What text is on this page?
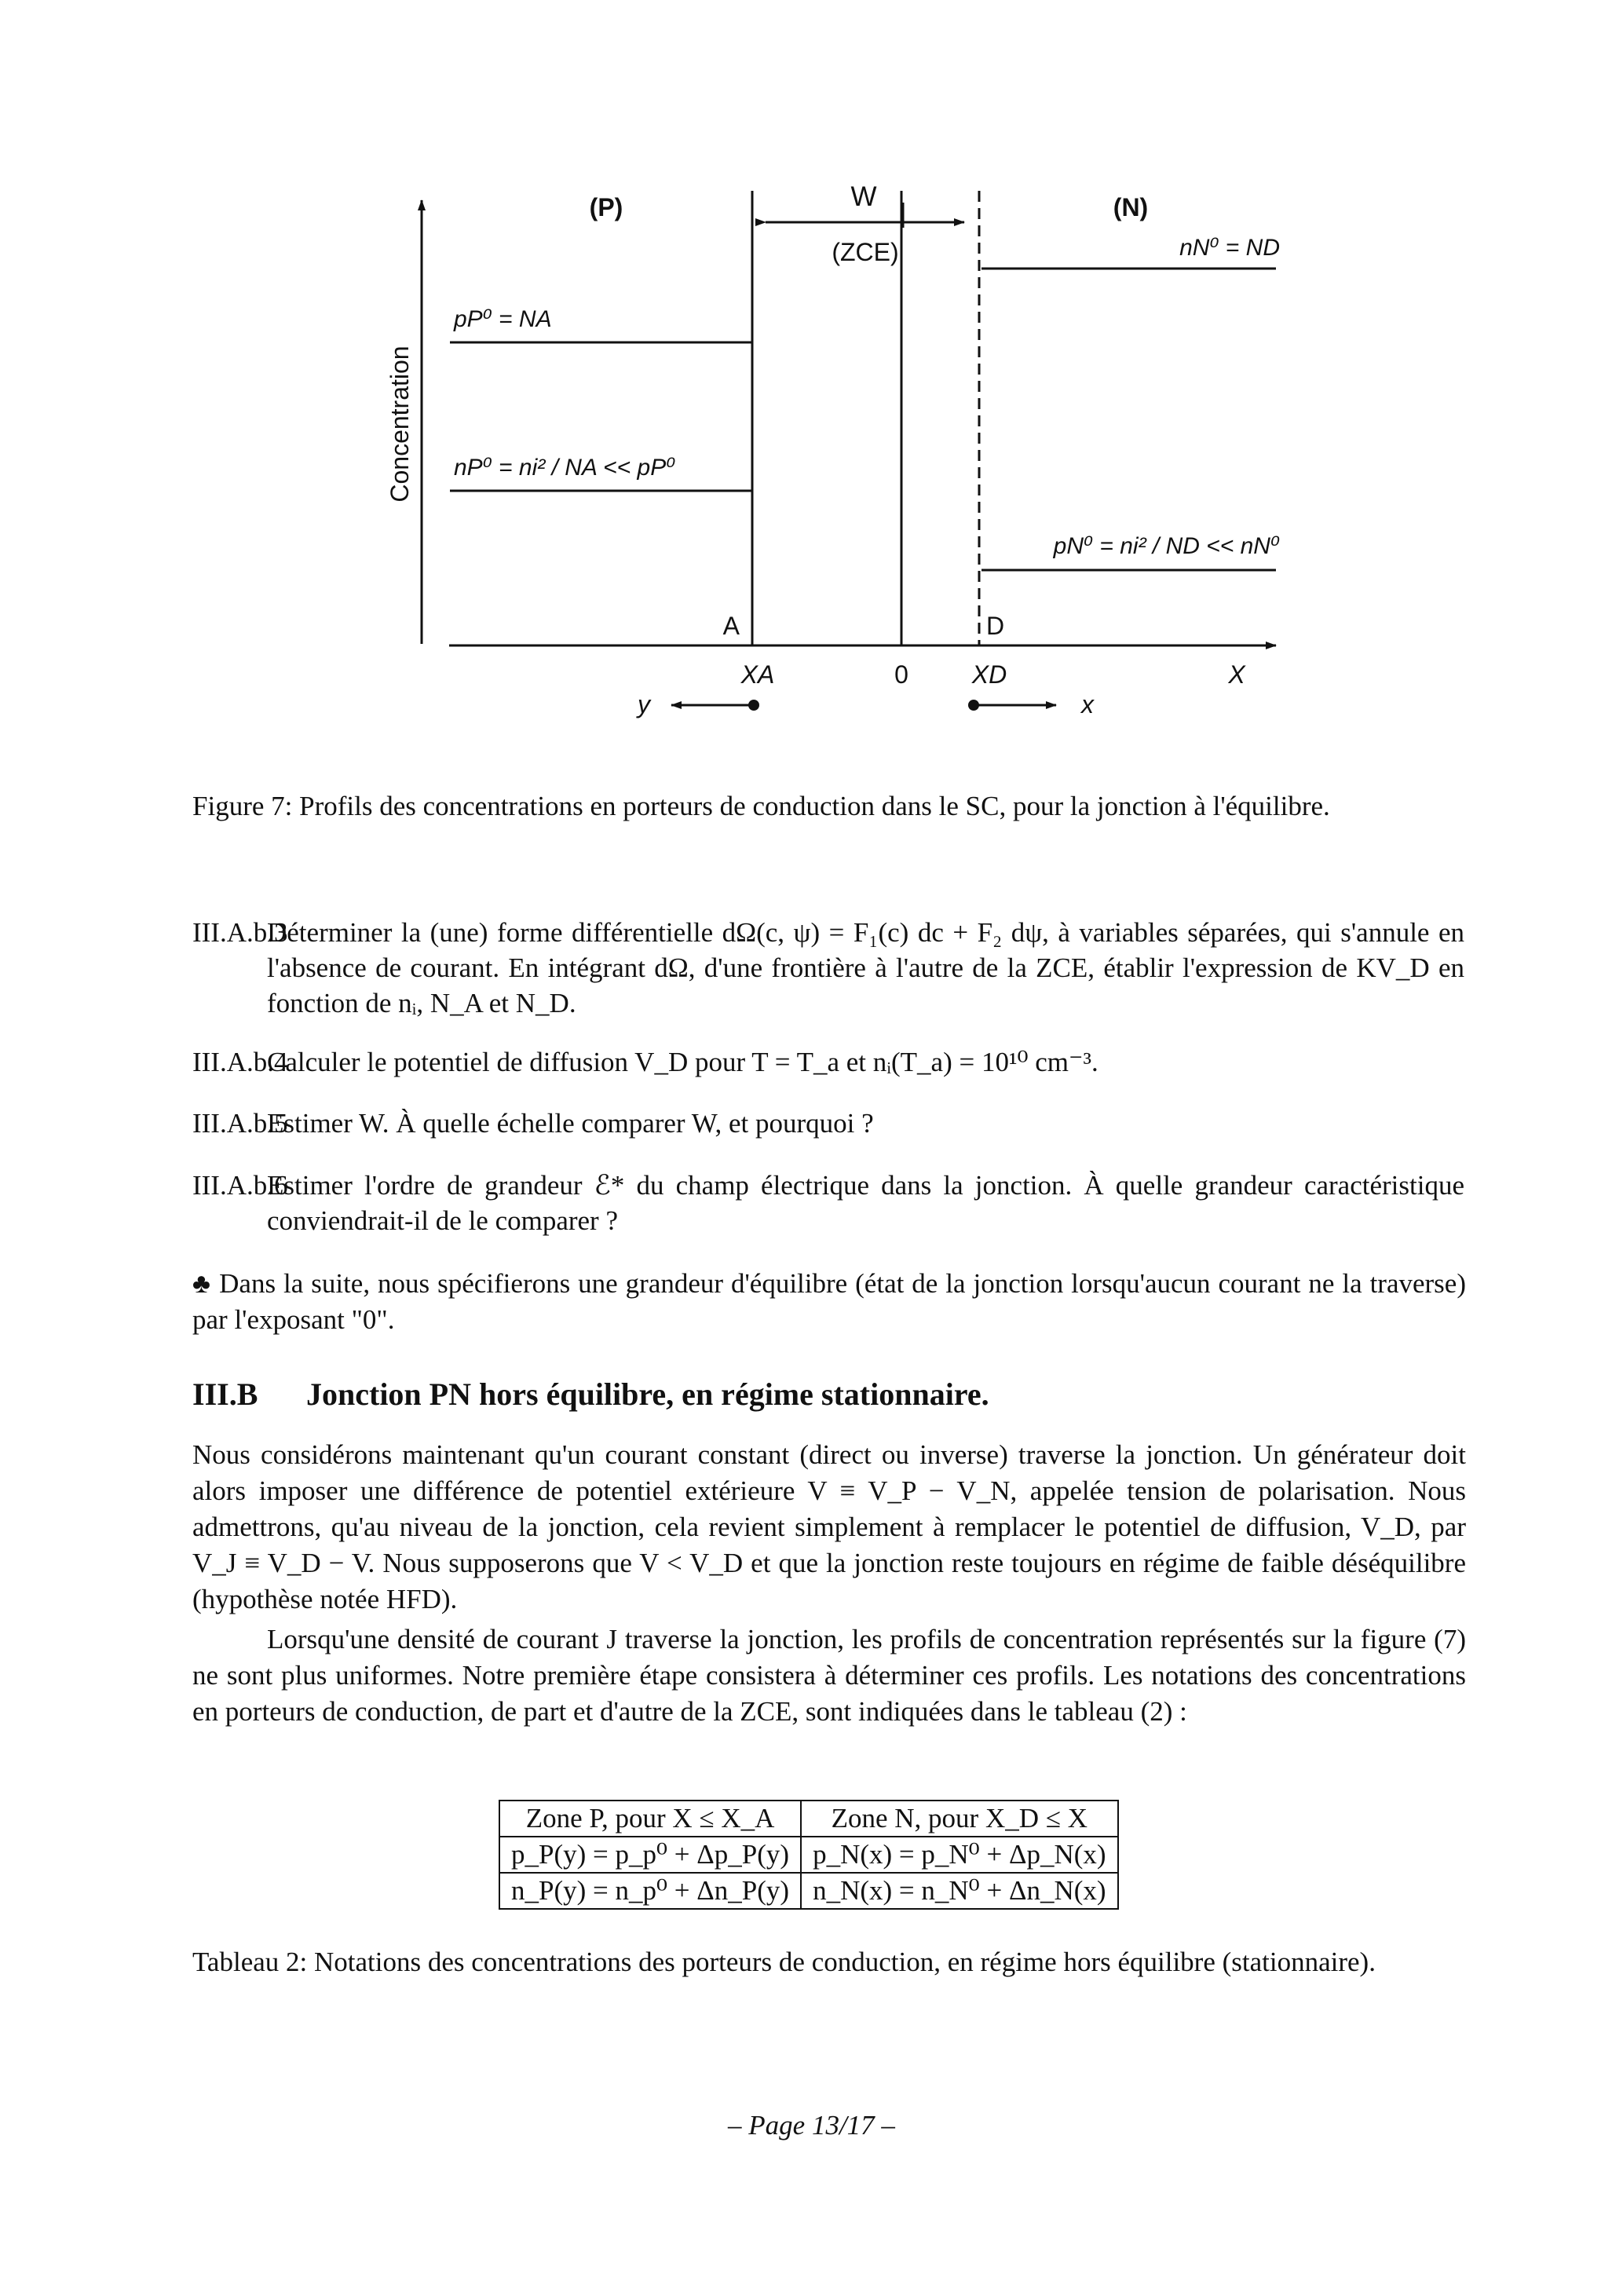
Concentration
(P)	(N)
W
(ZCE)
pP⁰ = NA
nP⁰ = ni² / NA << pP⁰
nN⁰ = ND
pN⁰ = ni² / ND << nN⁰
A	D
XA	0	XD	X
y	x
Figure 7: Profils des concentrations en porteurs de conduction dans le SC, pour la jonction à l'équilibre.
III.A.b.3
Déterminer la (une) forme différentielle dΩ(c, ψ) = F₁(c) dc + F₂ dψ, à variables séparées, qui s'annule en l'absence de courant. En intégrant dΩ, d'une frontière à l'autre de la ZCE, établir l'expression de KV_D en fonction de nᵢ, N_A et N_D.
III.A.b.4
Calculer le potentiel de diffusion V_D pour T = T_a et nᵢ(T_a) = 10¹⁰ cm⁻³.
III.A.b.5
Estimer W. À quelle échelle comparer W, et pourquoi ?
III.A.b.6
Estimer l'ordre de grandeur ℰ* du champ électrique dans la jonction. À quelle grandeur caractéristique conviendrait-il de le comparer ?
♣ Dans la suite, nous spécifierons une grandeur d'équilibre (état de la jonction lorsqu'aucun courant ne la traverse) par l'exposant "0".
III.B Jonction PN hors équilibre, en régime stationnaire.
Nous considérons maintenant qu'un courant constant (direct ou inverse) traverse la jonction. Un générateur doit alors imposer une différence de potentiel extérieure V ≡ V_P − V_N, appelée tension de polarisation. Nous admettrons, qu'au niveau de la jonction, cela revient simplement à remplacer le potentiel de diffusion, V_D, par V_J ≡ V_D − V. Nous supposerons que V < V_D et que la jonction reste toujours en régime de faible déséquilibre (hypothèse notée HFD).
Lorsqu'une densité de courant J traverse la jonction, les profils de concentration représentés sur la figure (7) ne sont plus uniformes. Notre première étape consistera à déterminer ces profils. Les notations des concentrations en porteurs de conduction, de part et d'autre de la ZCE, sont indiquées dans le tableau (2) :
Zone P, pour X ≤ X_A	Zone N, pour X_D ≤ X
p_P(y) = p_p⁰ + Δp_P(y)	p_N(x) = p_N⁰ + Δp_N(x)
n_P(y) = n_p⁰ + Δn_P(y)	n_N(x) = n_N⁰ + Δn_N(x)
Tableau 2: Notations des concentrations des porteurs de conduction, en régime hors équilibre (stationnaire).
– Page 13/17 –
